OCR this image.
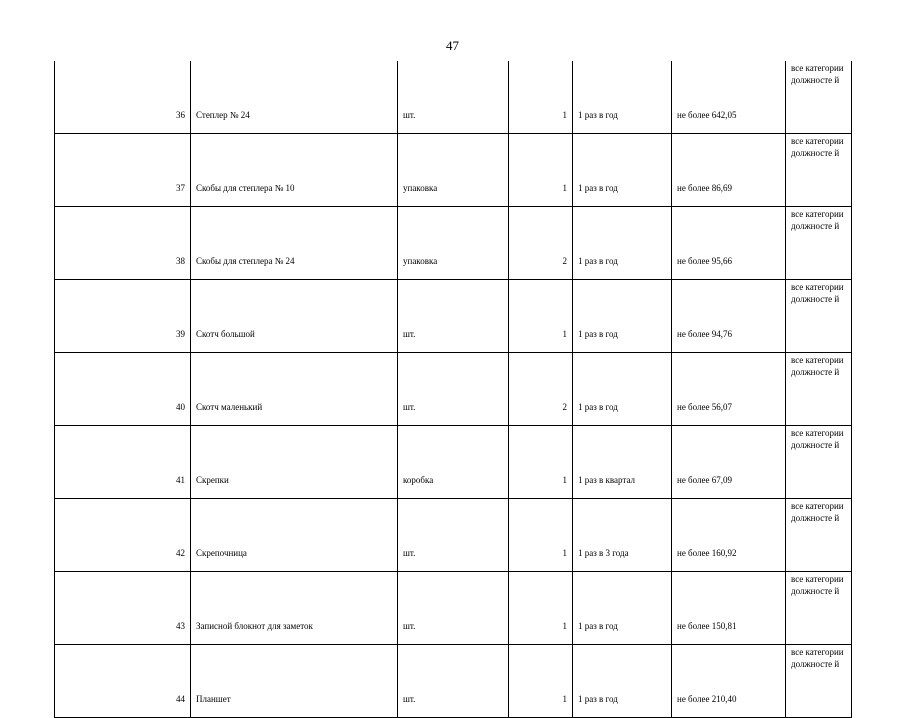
47
36	Степлер № 24	шт.	1	1 раз в год	не более 642,05	все категории должносте й
37	Скобы для степлера № 10	упаковка	1	1 раз в год	не более 86,69	все категории должносте й
38	Скобы для степлера № 24	упаковка	2	1 раз в год	не более 95,66	все категории должносте й
39	Скотч большой	шт.	1	1 раз в год	не более 94,76	все категории должносте й
40	Скотч маленький	шт.	2	1 раз в год	не более 56,07	все категории должносте й
41	Скрепки	коробка	1	1 раз в квартал	не более 67,09	все категории должносте й
42	Скрепочница	шт.	1	1 раз в 3 года	не более 160,92	все категории должносте й
43	Записной блокнот для заметок	шт.	1	1 раз в год	не более 150,81	все категории должносте й
44	Планшет	шт.	1	1 раз в год	не более 210,40	все категории должносте й
